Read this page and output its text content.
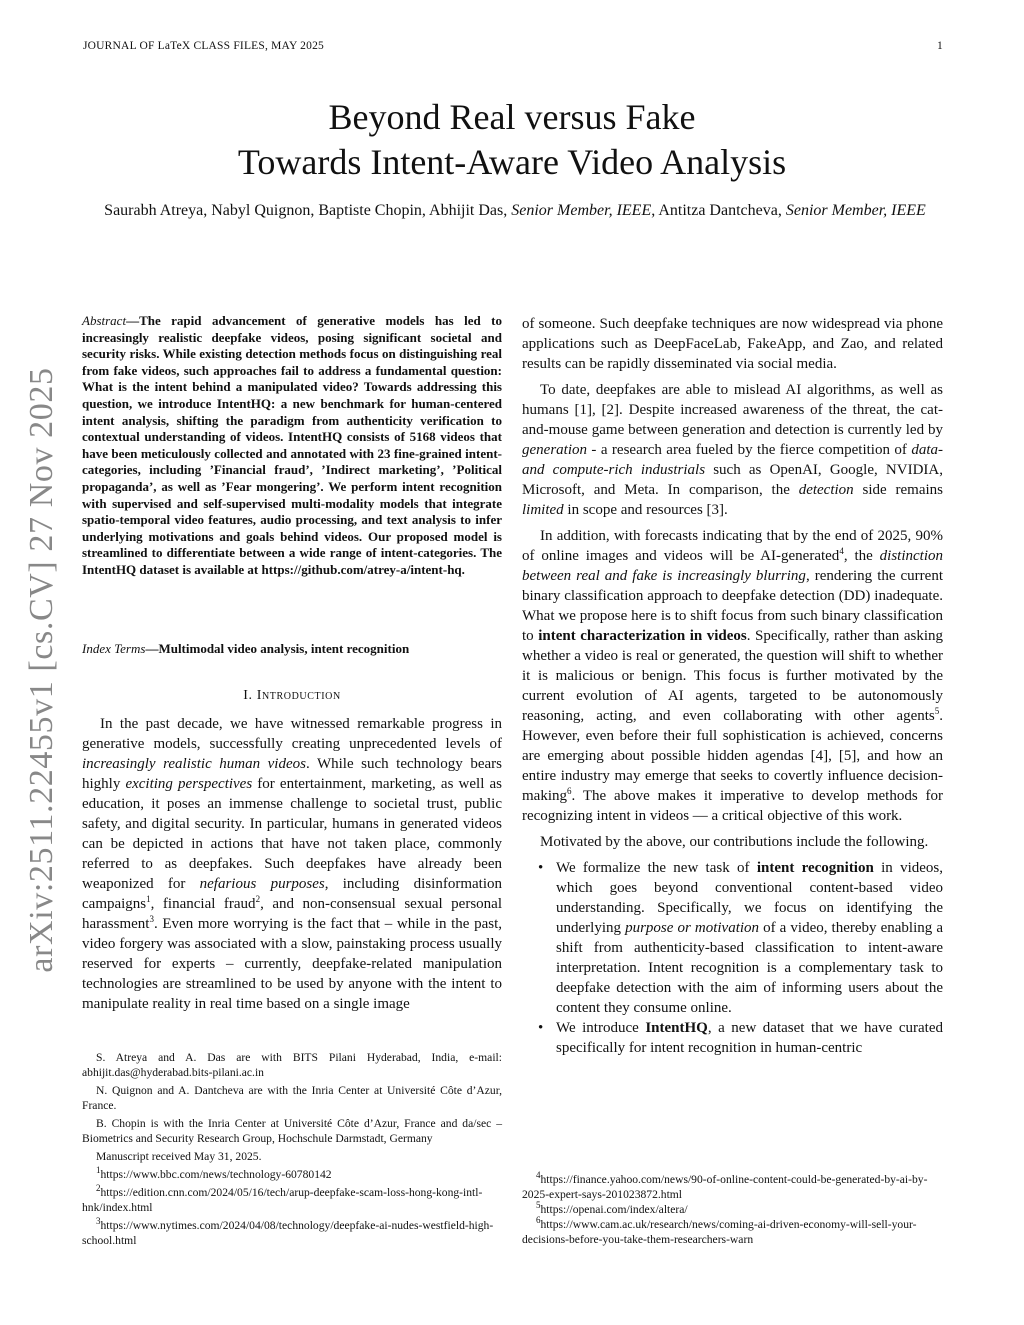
JOURNAL OF LaTeX CLASS FILES, MAY 2025	1
Beyond Real versus Fake
Towards Intent-Aware Video Analysis
Saurabh Atreya, Nabyl Quignon, Baptiste Chopin, Abhijit Das, Senior Member, IEEE, Antitza Dantcheva, Senior Member, IEEE
arXiv:2511.22455v1 [cs.CV] 27 Nov 2025
Abstract—The rapid advancement of generative models has led to increasingly realistic deepfake videos, posing significant societal and security risks. While existing detection methods focus on distinguishing real from fake videos, such approaches fail to address a fundamental question: What is the intent behind a manipulated video? Towards addressing this question, we introduce IntentHQ: a new benchmark for human-centered intent analysis, shifting the paradigm from authenticity verification to contextual understanding of videos. IntentHQ consists of 5168 videos that have been meticulously collected and annotated with 23 fine-grained intent-categories, including ’Financial fraud’, ’Indirect marketing’, ’Political propaganda’, as well as ’Fear mongering’. We perform intent recognition with supervised and self-supervised multi-modality models that integrate spatio-temporal video features, audio processing, and text analysis to infer underlying motivations and goals behind videos. Our proposed model is streamlined to differentiate between a wide range of intent-categories. The IntentHQ dataset is available at https://github.com/atrey-a/intent-hq.
Index Terms—Multimodal video analysis, intent recognition
I. Introduction
In the past decade, we have witnessed remarkable progress in generative models, successfully creating unprecedented levels of increasingly realistic human videos. While such technology bears highly exciting perspectives for entertainment, marketing, as well as education, it poses an immense challenge to societal trust, public safety, and digital security. In particular, humans in generated videos can be depicted in actions that have not taken place, commonly referred to as deepfakes. Such deepfakes have already been weaponized for nefarious purposes, including disinformation campaigns$^1$, financial fraud$^2$, and non-consensual sexual personal harassment$^3$. Even more worrying is the fact that – while in the past, video forgery was associated with a slow, painstaking process usually reserved for experts – currently, deepfake-related manipulation technologies are streamlined to be used by anyone with the intent to manipulate reality in real time based on a single image

S. Atreya and A. Das are with BITS Pilani Hyderabad, India, e-mail: abhijit.das@hyderabad.bits-pilani.ac.in

N. Quignon and A. Dantcheva are with the Inria Center at Université Côte d’Azur, France.

B. Chopin is with the Inria Center at Université Côte d’Azur, France and da/sec – Biometrics and Security Research Group, Hochschule Darmstadt, Germany

Manuscript received May 31, 2025.

$^1$https://www.bbc.com/news/technology-60780142

$^2$https://edition.cnn.com/2024/05/16/tech/arup-deepfake-scam-loss-hong-kong-intl-hnk/index.html

$^3$https://www.nytimes.com/2024/04/08/technology/deepfake-ai-nudes-westfield-high-school.html

of someone. Such deepfake techniques are now widespread via phone applications such as DeepFaceLab, FakeApp, and Zao, and related results can be rapidly disseminated via social media.

To date, deepfakes are able to mislead AI algorithms, as well as humans [1], [2]. Despite increased awareness of the threat, the cat-and-mouse game between generation and detection is currently led by generation - a research area fueled by the fierce competition of data- and compute-rich industrials such as OpenAI, Google, NVIDIA, Microsoft, and Meta. In comparison, the detection side remains limited in scope and resources [3].

In addition, with forecasts indicating that by the end of 2025, 90% of online images and videos will be AI-generated$^4$, the distinction between real and fake is increasingly blurring, rendering the current binary classification approach to deepfake detection (DD) inadequate. What we propose here is to shift focus from such binary classification to intent characterization in videos. Specifically, rather than asking whether a video is real or generated, the question will shift to whether it is malicious or benign. This focus is further motivated by the current evolution of AI agents, targeted to be autonomously reasoning, acting, and even collaborating with other agents$^5$. However, even before their full sophistication is achieved, concerns are emerging about possible hidden agendas [4], [5], and how an entire industry may emerge that seeks to covertly influence decision-making$^6$. The above makes it imperative to develop methods for recognizing intent in videos — a critical objective of this work.

Motivated by the above, our contributions include the following.

• We formalize the new task of intent recognition in videos, which goes beyond conventional content-based video understanding. Specifically, we focus on identifying the underlying purpose or motivation of a video, thereby enabling a shift from authenticity-based classification to intent-aware interpretation. Intent recognition is a complementary task to deepfake detection with the aim of informing users about the content they consume online.
• We introduce IntentHQ, a new dataset that we have curated specifically for intent recognition in human-centric

$^4$https://finance.yahoo.com/news/90-of-online-content-could-be-generated-by-ai-by-2025-expert-says-201023872.html

$^5$https://openai.com/index/altera/

$^6$https://www.cam.ac.uk/research/news/coming-ai-driven-economy-will-sell-your-decisions-before-you-take-them-researchers-warn
